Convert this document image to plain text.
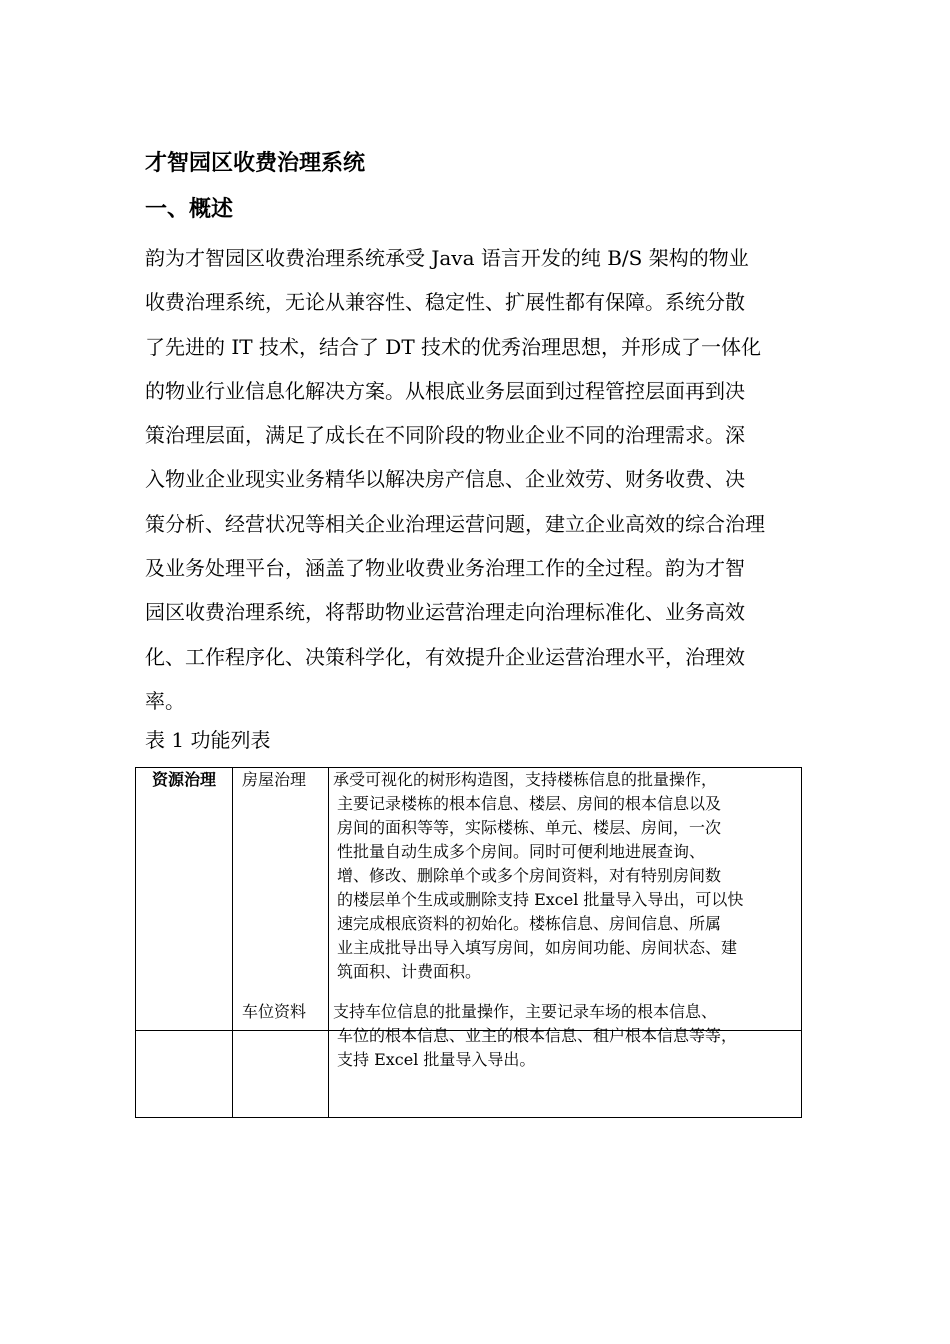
才智园区收费治理系统
一、概述

韵为才智园区收费治理系统承受 Java 语言开发的纯 B/S 架构的物业
收费治理系统，无论从兼容性、稳定性、扩展性都有保障。系统分散
了先进的 IT 技术，结合了 DT 技术的优秀治理思想，并形成了一体化
的物业行业信息化解决方案。从根底业务层面到过程管控层面再到决
策治理层面，满足了成长在不同阶段的物业企业不同的治理需求。深
入物业企业现实业务精华以解决房产信息、企业效劳、财务收费、决
策分析、经营状况等相关企业治理运营问题，建立企业高效的综合治理
及业务处理平台，涵盖了物业收费业务治理工作的全过程。韵为才智
园区收费治理系统，将帮助物业运营治理走向治理标准化、业务高效
化、工作程序化、决策科学化，有效提升企业运营治理水平，治理效
率。

表 1 功能列表
资源治理	房屋治理 承受可视化的树形构造图，支持楼栋信息的批量操作，
主要记录楼栋的根本信息、楼层、房间的根本信息以及
房间的面积等等，实际楼栋、单元、楼层、房间，一次
性批量自动生成多个房间。同时可便利地进展查询、
增、修改、删除单个或多个房间资料，对有特别房间数
的楼层单个生成或删除支持 Excel 批量导入导出，可以快
速完成根底资料的初始化。楼栋信息、房间信息、所属
业主成批导出导入填写房间，如房间功能、房间状态、建
筑面积、计费面积。
车位资料 支持车位信息的批量操作，主要记录车场的根本信息、
车位的根本信息、业主的根本信息、租户根本信息等等，
支持 Excel 批量导入导出。
